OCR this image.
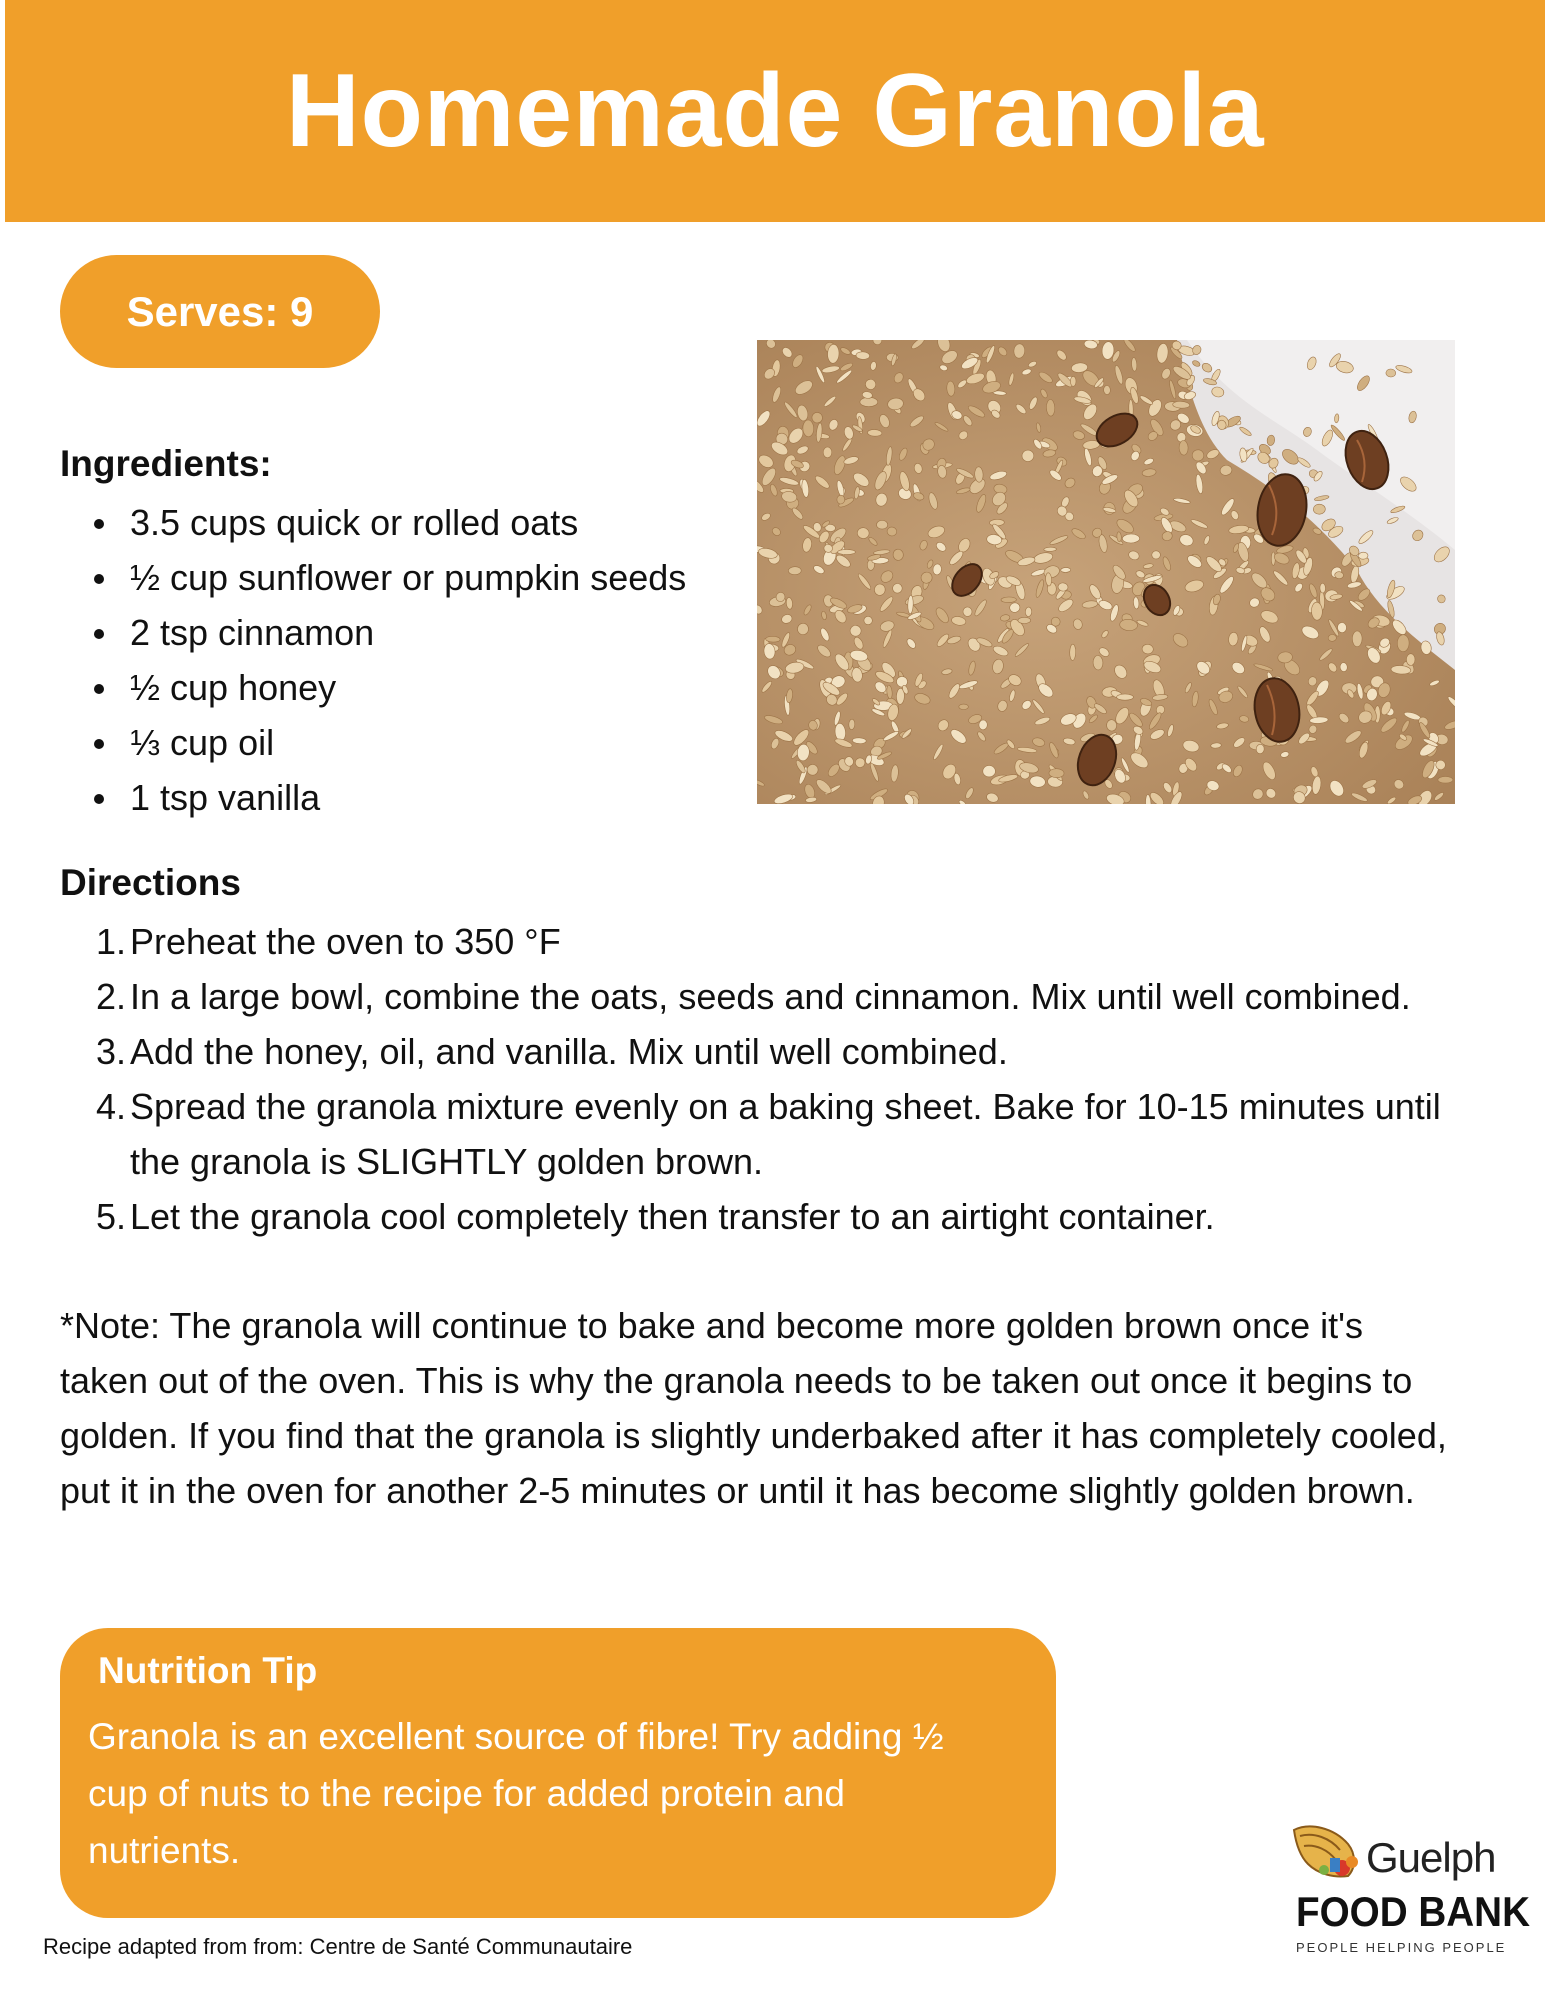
Homemade Granola
Serves: 9
Ingredients:
3.5 cups quick or rolled oats
½ cup sunflower or pumpkin seeds
2 tsp cinnamon
½ cup honey
⅓ cup oil
1 tsp vanilla
Directions
1. Preheat the oven to 350 °F
2. In a large bowl, combine the oats, seeds and cinnamon. Mix until well combined.
3. Add the honey, oil, and vanilla. Mix until well combined.
4. Spread the granola mixture evenly on a baking sheet. Bake for 10-15 minutes until the granola is SLIGHTLY golden brown.
5. Let the granola cool completely then transfer to an airtight container.

*Note: The granola will continue to bake and become more golden brown once it's taken out of the oven. This is why the granola needs to be taken out once it begins to golden. If you find that the granola is slightly underbaked after it has completely cooled, put it in the oven for another 2-5 minutes or until it has become slightly golden brown.

Nutrition Tip

Granola is an excellent source of fibre! Try adding ½ cup of nuts to the recipe for added protein and nutrients.

Recipe adapted from from: Centre de Santé Communautaire

Guelph
FOOD BANK
PEOPLE HELPING PEOPLE
